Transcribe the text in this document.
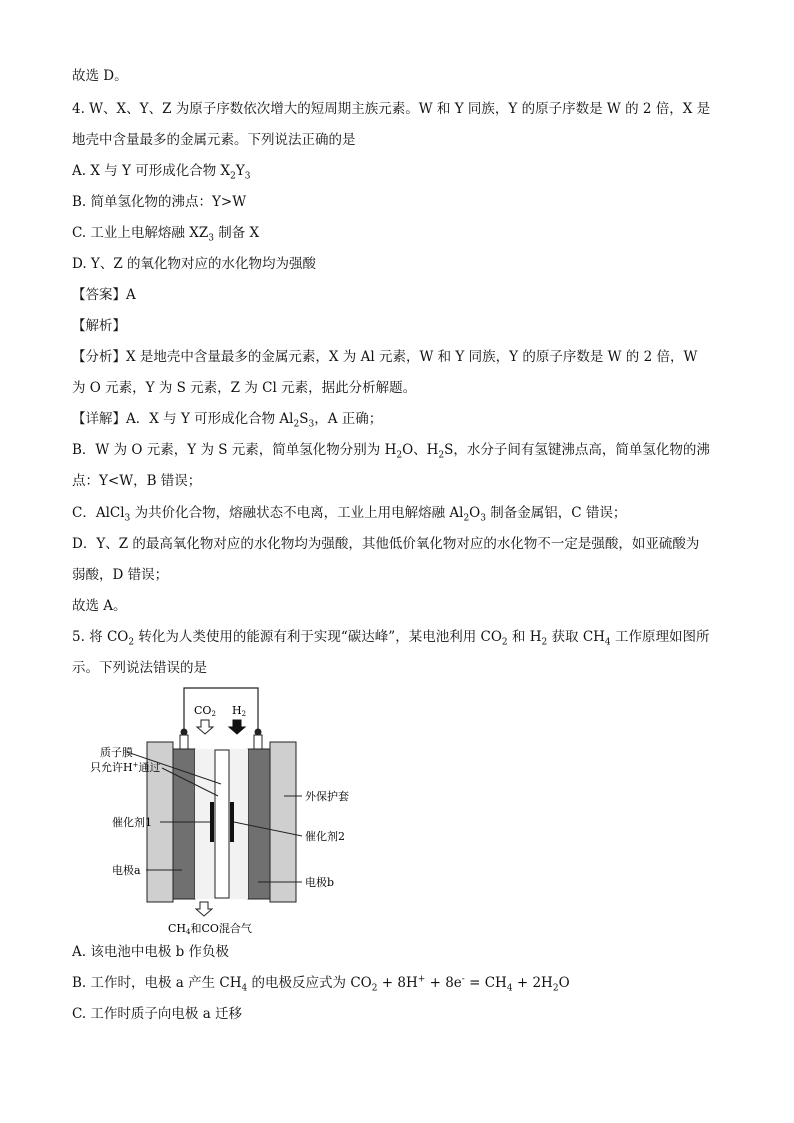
故选 D。
4. W、X、Y、Z 为原子序数依次增大的短周期主族元素。W 和 Y 同族，Y 的原子序数是 W 的 2 倍，X 是
地壳中含量最多的金属元素。下列说法正确的是
A. X 与 Y 可形成化合物 $X_2Y_3$
B. 简单氢化物的沸点：Y>W
C. 工业上电解熔融 $XZ_3$ 制备 X
D. Y、Z 的氧化物对应的水化物均为强酸
【答案】A
【解析】
【分析】X 是地壳中含量最多的金属元素，X 为 Al 元素，W 和 Y 同族，Y 的原子序数是 W 的 2 倍，W
为 O 元素，Y 为 S 元素，Z 为 Cl 元素，据此分析解题。
【详解】A．X 与 Y 可形成化合物 $Al_2S_3$，A 正确；
B．W 为 O 元素，Y 为 S 元素，简单氢化物分别为 $H_2O$、$H_2S$，水分子间有氢键沸点高，简单氢化物的沸
点：Y<W，B 错误；
C．AlCl$_3$ 为共价化合物，熔融状态不电离，工业上用电解熔融 $Al_2O_3$ 制备金属铝，C 错误；
D．Y、Z 的最高氧化物对应的水化物均为强酸，其他低价氧化物对应的水化物不一定是强酸，如亚硫酸为
弱酸，D 错误；
故选 A。
5. 将 $CO_2$ 转化为人类使用的能源有利于实现“碳达峰”，某电池利用 $CO_2$ 和 $H_2$ 获取 $CH_4$ 工作原理如图所
示。下列说法错误的是
CO2 H2
CH4和CO混合气
质子膜
只允许H+通过
催化剂1
电极a
外保护套
催化剂2
电极b
A. 该电池中电极 b 作负极
B. 工作时，电极 a 产生 $CH_4$ 的电极反应式为 $CO_2 + 8H^+ + 8e^- = CH_4 + 2H_2O$
C. 工作时质子向电极 a 迁移
